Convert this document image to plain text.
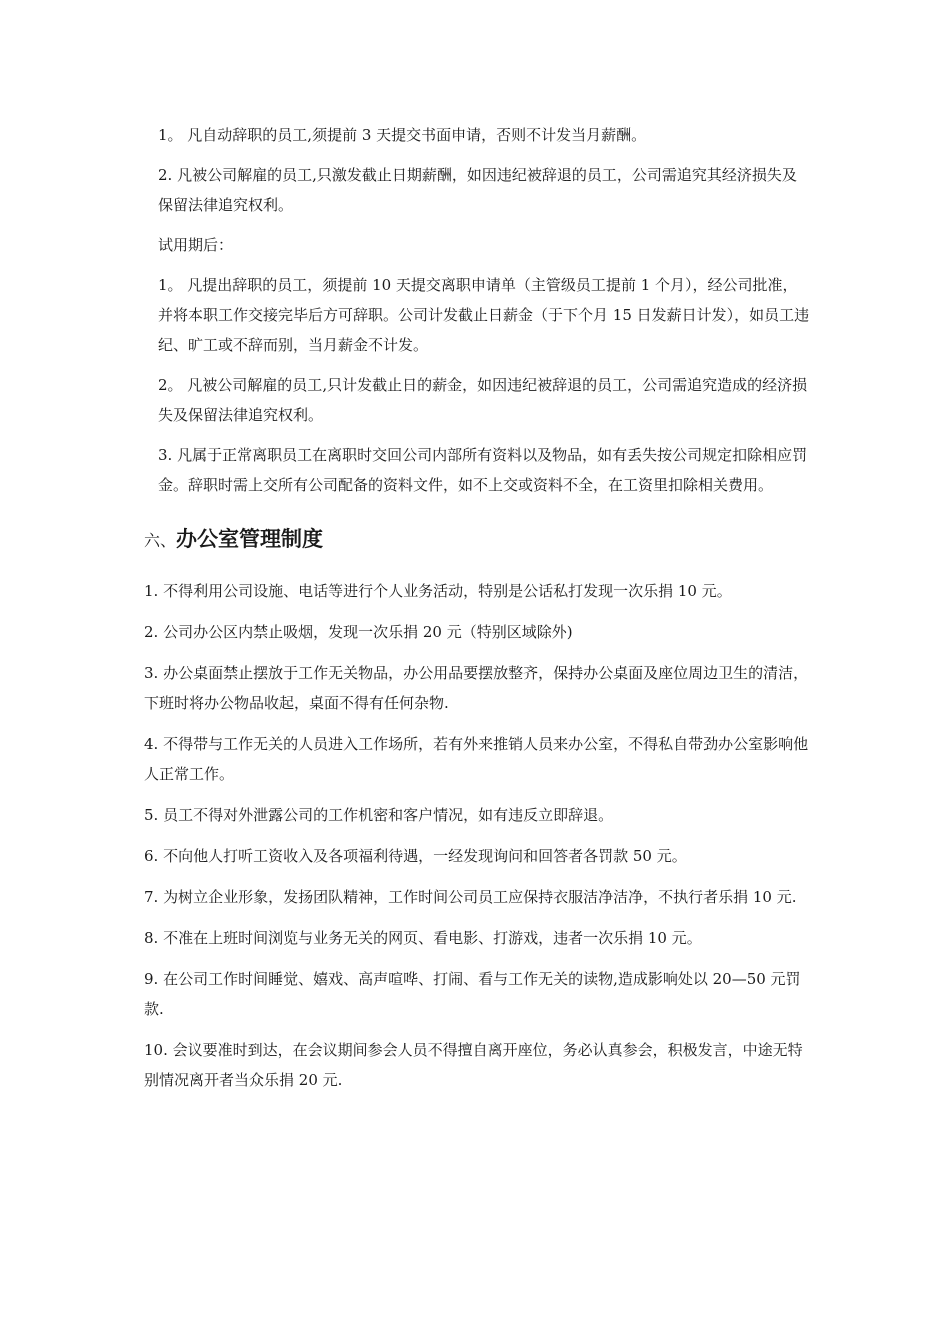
1。 凡自动辞职的员工,须提前 3 天提交书面申请，否则不计发当月薪酬。

2. 凡被公司解雇的员工,只激发截止日期薪酬，如因违纪被辞退的员工，公司需追究其经济损失及保留法律追究权利。

试用期后：

1。 凡提出辞职的员工，须提前 10 天提交离职申请单（主管级员工提前 1 个月），经公司批准，并将本职工作交接完毕后方可辞职。公司计发截止日薪金（于下个月 15 日发薪日计发），如员工违纪、旷工或不辞而别，当月薪金不计发。

2。 凡被公司解雇的员工,只计发截止日的薪金，如因违纪被辞退的员工，公司需追究造成的经济损失及保留法律追究权利。

3. 凡属于正常离职员工在离职时交回公司内部所有资料以及物品，如有丢失按公司规定扣除相应罚金。辞职时需上交所有公司配备的资料文件，如不上交或资料不全，在工资里扣除相关费用。

六、办公室管理制度

1. 不得利用公司设施、电话等进行个人业务活动，特别是公话私打发现一次乐捐 10 元。

2. 公司办公区内禁止吸烟，发现一次乐捐 20 元（特别区域除外)

3. 办公桌面禁止摆放于工作无关物品，办公用品要摆放整齐，保持办公桌面及座位周边卫生的清洁，下班时将办公物品收起，桌面不得有任何杂物.

4. 不得带与工作无关的人员进入工作场所，若有外来推销人员来办公室，不得私自带劲办公室影响他人正常工作。

5. 员工不得对外泄露公司的工作机密和客户情况，如有违反立即辞退。

6. 不向他人打听工资收入及各项福利待遇，一经发现询问和回答者各罚款 50 元。

7. 为树立企业形象，发扬团队精神，工作时间公司员工应保持衣服洁净洁净，不执行者乐捐 10 元.

8. 不准在上班时间浏览与业务无关的网页、看电影、打游戏，违者一次乐捐 10 元。

9. 在公司工作时间睡觉、嬉戏、高声喧哗、打闹、看与工作无关的读物,造成影响处以 20—50 元罚款.

10. 会议要准时到达，在会议期间参会人员不得擅自离开座位，务必认真参会，积极发言，中途无特别情况离开者当众乐捐 20 元.
